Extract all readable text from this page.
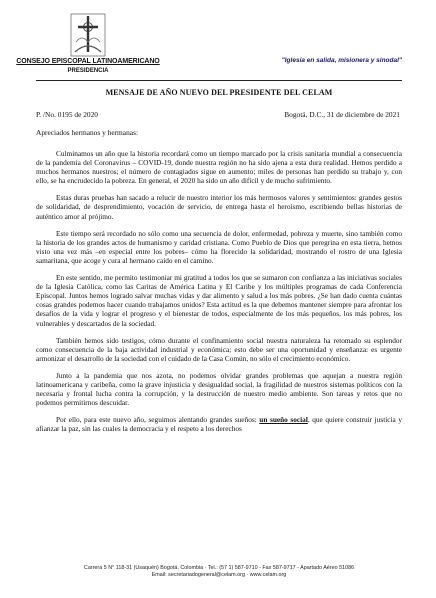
CONSEJO EPISCOPAL LATINOAMERICANO
PRESIDENCIA
"Iglesia en salida, misionera y sinodal"
MENSAJE DE AÑO NUEVO DEL PRESIDENTE DEL CELAM
P. /No. 0195 de 2020	Bogotá, D.C., 31 de diciembre de 2021
Apreciados hermanos y hermanas:

Culminamos un año que la historia recordará como un tiempo marcado por la crisis sanitaria mundial a consecuencia de la pandemia del Coronavirus – COVID-19, donde nuestra región no ha sido ajena a esta dura realidad. Hemos perdido a muchos hermanos nuestros; el número de contagiados sigue en aumento; miles de personas han perdido su trabajo y, con ello, se ha encrudecido la pobreza. En general, el 2020 ha sido un año difícil y de mucho sufrimiento.

Estas duras pruebas han sacado a relucir de nuestro interior los más hermosos valores y sentimientos: grandes gestos de solidaridad, de desprendimiento, vocación de servicio, de entrega hasta el heroísmo, escribiendo bellas historias de auténtico amor al prójimo.

Este tiempo será recordado no sólo como una secuencia de dolor, enfermedad, pobreza y muerte, sino también como la historia de los grandes actos de humanismo y caridad cristiana. Como Pueblo de Dios que peregrina en esta tierra, hemos visto una vez más –en especial entre los pobres– cómo ha florecido la solidaridad, mostrando el rostro de una Iglesia samaritana, que acoge y cura al hermano caído en el camino.

En este sentido, me permito testimoniar mi gratitud a todos los que se sumaron con confianza a las iniciativas sociales de la Iglesia Católica, como las Caritas de América Latina y El Caribe y los múltiples programas de cada Conferencia Episcopal. Juntos hemos logrado salvar muchas vidas y dar alimento y salud a los más pobres. ¿Se han dado cuenta cuántas cosas grandes podemos hacer cuando trabajamos unidos? Esta actitud es la que debemos mantener siempre para afrontar los desafíos de la vida y lograr el progreso y el bienestar de todos, especialmente de los más pequeños, los más pobres, los vulnerables y descartados de la sociedad.

También hemos sido testigos, cómo durante el confinamiento social nuestra naturaleza ha retomado su esplendor como consecuencia de la baja actividad industrial y económica; esto debe ser una oportunidad y enseñanza: es urgente armonizar el desarrollo de la sociedad con el cuidado de la Casa Común, no sólo el crecimiento económico.

Junto a la pandemia que nos azota, no podemos olvidar grandes problemas que aquejan a nuestra región latinoamericana y caribeña, como la grave injusticia y desigualdad social, la fragilidad de nuestros sistemas políticos con la necesaria y frontal lucha contra la corrupción, y la destrucción de nuestro medio ambiente. Son tareas y retos que no podemos permitirnos descuidar.

Por ello, para este nuevo año, seguimos alentando grandes sueños: un sueño social, que quiere construir justicia y afianzar la paz, sin las cuales la democracia y el respeto a los derechos

Carrera 5 N° 118-31 (Usaquén) Bogotá, Colombia · Tel.: (57 1) 587-9710 - Fax 587-9717 - Apartado Aéreo 51086
Email: secretariadogeneral@celam.org · www.celam.org
